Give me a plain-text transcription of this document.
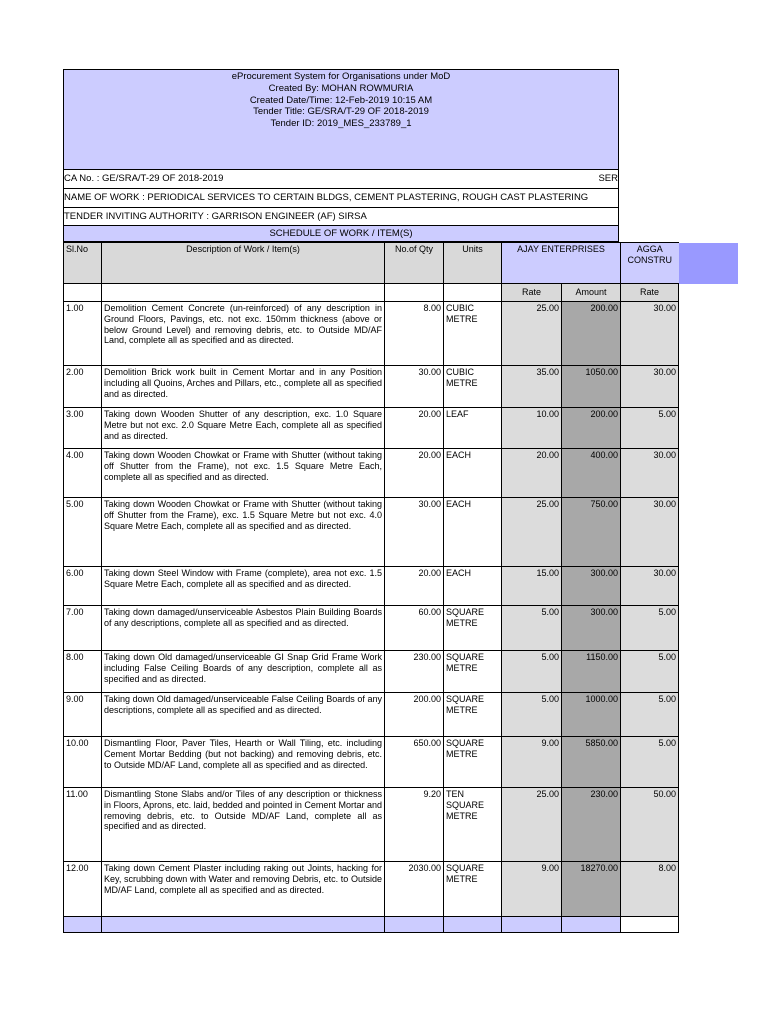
eProcurement System for Organisations under MoD
Created By: MOHAN ROWMURIA
Created Date/Time: 12-Feb-2019 10:15 AM
Tender Title: GE/SRA/T-29 OF 2018-2019
Tender ID: 2019_MES_233789_1
CA No. : GE/SRA/T-29 OF 2018-2019	SER
NAME OF WORK : PERIODICAL SERVICES TO CERTAIN BLDGS, CEMENT PLASTERING, ROUGH CAST PLASTERING
TENDER INVITING AUTHORITY : GARRISON ENGINEER (AF) SIRSA
SCHEDULE OF WORK / ITEM(S)
Sl.No	Description of Work / Item(s)	No.of Qty	Units	AJAY ENTERPRISES		AGGA CONSTRU
				Rate	Amount	Rate
1.00	Demolition Cement Concrete (un-reinforced) of any description in Ground Floors, Pavings, etc. not exc. 150mm thickness (above or below Ground Level) and removing debris, etc. to Outside MD/AF Land, complete all as specified and as directed.	8.00	CUBIC METRE	25.00	200.00	30.00
2.00	Demolition Brick work built in Cement Mortar and in any Position including all Quoins, Arches and Pillars, etc., complete all as specified and as directed.	30.00	CUBIC METRE	35.00	1050.00	30.00
3.00	Taking down Wooden Shutter of any description, exc. 1.0 Square Metre but not exc. 2.0 Square Metre Each, complete all as specified and as directed.	20.00	LEAF	10.00	200.00	5.00
4.00	Taking down Wooden Chowkat or Frame with Shutter (without taking off Shutter from the Frame), not exc. 1.5 Square Metre Each, complete all as specified and as directed.	20.00	EACH	20.00	400.00	30.00
5.00	Taking down Wooden Chowkat or Frame with Shutter (without taking off Shutter from the Frame), exc. 1.5 Square Metre but not exc. 4.0 Square Metre Each, complete all as specified and as directed.	30.00	EACH	25.00	750.00	30.00
6.00	Taking down Steel Window with Frame (complete), area not exc. 1.5 Square Metre Each, complete all as specified and as directed.	20.00	EACH	15.00	300.00	30.00
7.00	Taking down damaged/unserviceable Asbestos Plain Building Boards of any descriptions, complete all as specified and as directed.	60.00	SQUARE METRE	5.00	300.00	5.00
8.00	Taking down Old damaged/unserviceable GI Snap Grid Frame Work including False Ceiling Boards of any description, complete all as specified and as directed.	230.00	SQUARE METRE	5.00	1150.00	5.00
9.00	Taking down Old damaged/unserviceable False Ceiling Boards of any descriptions, complete all as specified and as directed.	200.00	SQUARE METRE	5.00	1000.00	5.00
10.00	Dismantling Floor, Paver Tiles, Hearth or Wall Tiling, etc. including Cement Mortar Bedding (but not backing) and removing debris, etc. to Outside MD/AF Land, complete all as specified and as directed.	650.00	SQUARE METRE	9.00	5850.00	5.00
11.00	Dismantling Stone Slabs and/or Tiles of any description or thickness in Floors, Aprons, etc. laid, bedded and pointed in Cement Mortar and removing debris, etc. to Outside MD/AF Land, complete all as specified and as directed.	9.20	TEN SQUARE METRE	25.00	230.00	50.00
12.00	Taking down Cement Plaster including raking out Joints, hacking for Key, scrubbing down with Water and removing Debris, etc. to Outside MD/AF Land, complete all as specified and as directed.	2030.00	SQUARE METRE	9.00	18270.00	8.00
